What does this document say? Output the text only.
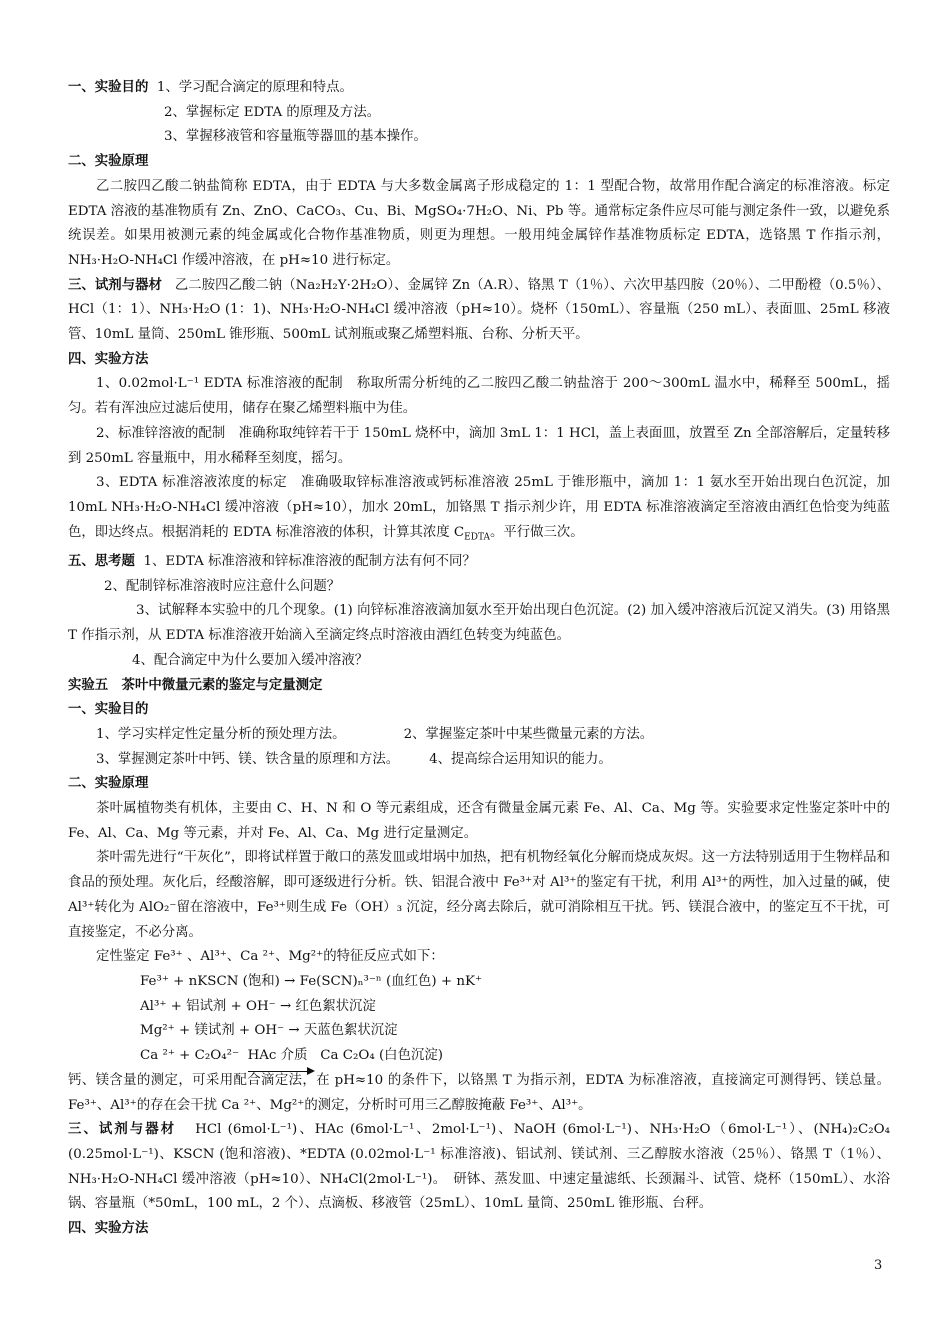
一、实验目的 1、学习配合滴定的原理和特点。

2、掌握标定 EDTA 的原理及方法。

3、掌握移液管和容量瓶等器皿的基本操作。

二、实验原理

乙二胺四乙酸二钠盐简称 EDTA，由于 EDTA 与大多数金属离子形成稳定的 1：1 型配合物，故常用作配合滴定的标准溶液。标定 EDTA 溶液的基准物质有 Zn、ZnO、CaCO₃、Cu、Bi、MgSO₄·7H₂O、Ni、Pb 等。通常标定条件应尽可能与测定条件一致，以避免系统误差。如果用被测元素的纯金属或化合物作基准物质，则更为理想。一般用纯金属锌作基准物质标定 EDTA，选铬黑 T 作指示剂，NH₃·H₂O-NH₄Cl 作缓冲溶液，在 pH≈10 进行标定。

三、试剂与器材 乙二胺四乙酸二钠（Na₂H₂Y·2H₂O）、金属锌 Zn（A.R）、铬黑 T（1％）、六次甲基四胺（20％）、二甲酚橙（0.5％）、HCl（1：1）、NH₃·H₂O (1：1)、NH₃·H₂O-NH₄Cl 缓冲溶液（pH≈10）。烧杯（150mL）、容量瓶（250 mL）、表面皿、25mL 移液管、10mL 量筒、250mL 锥形瓶、500mL 试剂瓶或聚乙烯塑料瓶、台称、分析天平。

四、实验方法

1、0.02mol·L⁻¹ EDTA 标准溶液的配制　称取所需分析纯的乙二胺四乙酸二钠盐溶于 200～300mL 温水中，稀释至 500mL，摇匀。若有浑浊应过滤后使用，储存在聚乙烯塑料瓶中为佳。

2、标准锌溶液的配制　准确称取纯锌若干于 150mL 烧杯中，滴加 3mL 1：1 HCl，盖上表面皿，放置至 Zn 全部溶解后，定量转移到 250mL 容量瓶中，用水稀释至刻度，摇匀。

3、EDTA 标准溶液浓度的标定　准确吸取锌标准溶液或钙标准溶液 25mL 于锥形瓶中，滴加 1：1 氨水至开始出现白色沉淀，加 10mL NH₃·H₂O-NH₄Cl 缓冲溶液（pH≈10），加水 20mL，加铬黑 T 指示剂少许，用 EDTA 标准溶液滴定至溶液由酒红色恰变为纯蓝色，即达终点。根据消耗的 EDTA 标准溶液的体积，计算其浓度 $C_{EDTA}$。平行做三次。

五、思考题 1、EDTA 标准溶液和锌标准溶液的配制方法有何不同？

2、配制锌标准溶液时应注意什么问题？

3、试解释本实验中的几个现象。(1) 向锌标准溶液滴加氨水至开始出现白色沉淀。(2) 加入缓冲溶液后沉淀又消失。(3) 用铬黑 T 作指示剂，从 EDTA 标准溶液开始滴入至滴定终点时溶液由酒红色转变为纯蓝色。

4、配合滴定中为什么要加入缓冲溶液？

实验五　茶叶中微量元素的鉴定与定量测定

一、实验目的

1、学习实样定性定量分析的预处理方法。	2、掌握鉴定茶叶中某些微量元素的方法。

3、掌握测定茶叶中钙、镁、铁含量的原理和方法。 4、提高综合运用知识的能力。

二、实验原理

茶叶属植物类有机体，主要由 C、H、N 和 O 等元素组成，还含有微量金属元素 Fe、Al、Ca、Mg 等。实验要求定性鉴定茶叶中的 Fe、Al、Ca、Mg 等元素，并对 Fe、Al、Ca、Mg 进行定量测定。

茶叶需先进行“干灰化”，即将试样置于敞口的蒸发皿或坩埚中加热，把有机物经氧化分解而烧成灰烬。这一方法特别适用于生物样品和食品的预处理。灰化后，经酸溶解，即可逐级进行分析。铁、铝混合液中 Fe³⁺对 Al³⁺的鉴定有干扰，利用 Al³⁺的两性，加入过量的碱，使 Al³⁺转化为 AlO₂⁻留在溶液中，Fe³⁺则生成 Fe（OH）₃ 沉淀，经分离去除后，就可消除相互干扰。钙、镁混合液中，的鉴定互不干扰，可直接鉴定，不必分离。

定性鉴定 Fe³⁺ 、Al³⁺、Ca ²⁺、Mg²⁺的特征反应式如下：

Fe³⁺ + nKSCN (饱和) → Fe(SCN)ₙ³⁻ⁿ (血红色) + nK⁺

Al³⁺ + 铝试剂 + OH⁻ → 红色絮状沉淀

Mg²⁺ + 镁试剂 + OH⁻ → 天蓝色絮状沉淀

Ca ²⁺ + C₂O₄²⁻ HAc 介质 Ca C₂O₄ (白色沉淀)

钙、镁含量的测定，可采用配合滴定法，在 pH≈10 的条件下，以铬黑 T 为指示剂，EDTA 为标准溶液，直接滴定可测得钙、镁总量。Fe³⁺、Al³⁺的存在会干扰 Ca ²⁺、Mg²⁺的测定，分析时可用三乙醇胺掩蔽 Fe³⁺、Al³⁺。

三、试剂与器材 HCl (6mol·L⁻¹)、HAc (6mol·L⁻¹、2mol·L⁻¹)、NaOH (6mol·L⁻¹)、NH₃·H₂O（6mol·L⁻¹）、(NH₄)₂C₂O₄ (0.25mol·L⁻¹)、KSCN (饱和溶液)、*EDTA (0.02mol·L⁻¹ 标准溶液)、铝试剂、镁试剂、三乙醇胺水溶液（25％）、铬黑 T（1％）、NH₃·H₂O-NH₄Cl 缓冲溶液（pH≈10）、NH₄Cl(2mol·L⁻¹)。　研钵、蒸发皿、中速定量滤纸、长颈漏斗、试管、烧杯（150mL）、水浴锅、容量瓶（*50mL，100 mL，2 个）、点滴板、移液管（25mL）、10mL 量筒、250mL 锥形瓶、台秤。

四、实验方法

3
